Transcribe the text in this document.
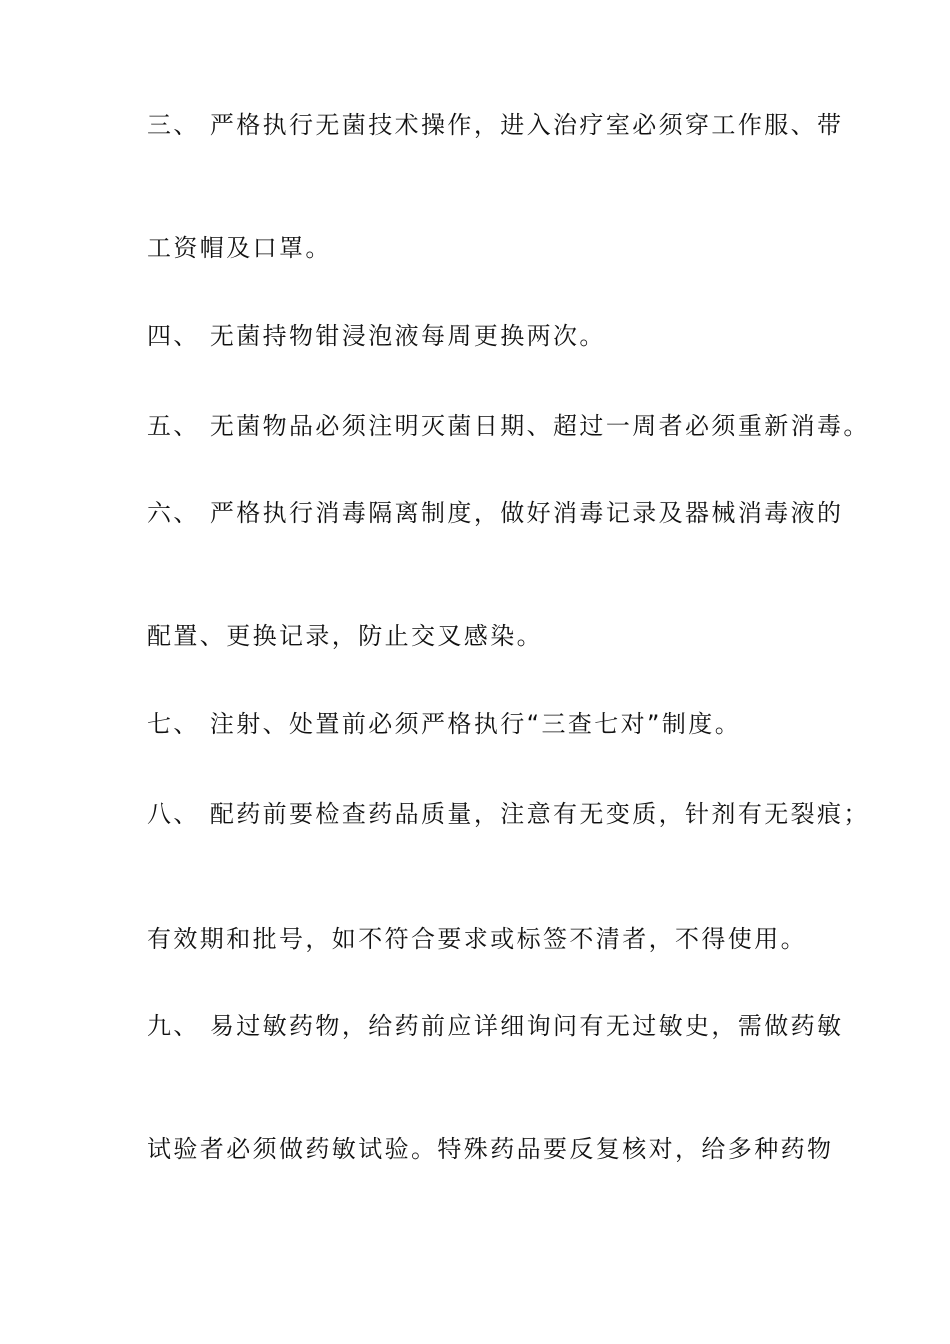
三、 严格执行无菌技术操作，进入治疗室必须穿工作服、带
工资帽及口罩。
四、 无菌持物钳浸泡液每周更换两次。
五、 无菌物品必须注明灭菌日期、超过一周者必须重新消毒。
六、 严格执行消毒隔离制度，做好消毒记录及器械消毒液的
配置、更换记录，防止交叉感染。
七、 注射、处置前必须严格执行“三查七对”制度。
八、 配药前要检查药品质量，注意有无变质，针剂有无裂痕；
有效期和批号，如不符合要求或标签不清者，不得使用。
九、 易过敏药物，给药前应详细询问有无过敏史，需做药敏
试验者必须做药敏试验。特殊药品要反复核对，给多种药物
